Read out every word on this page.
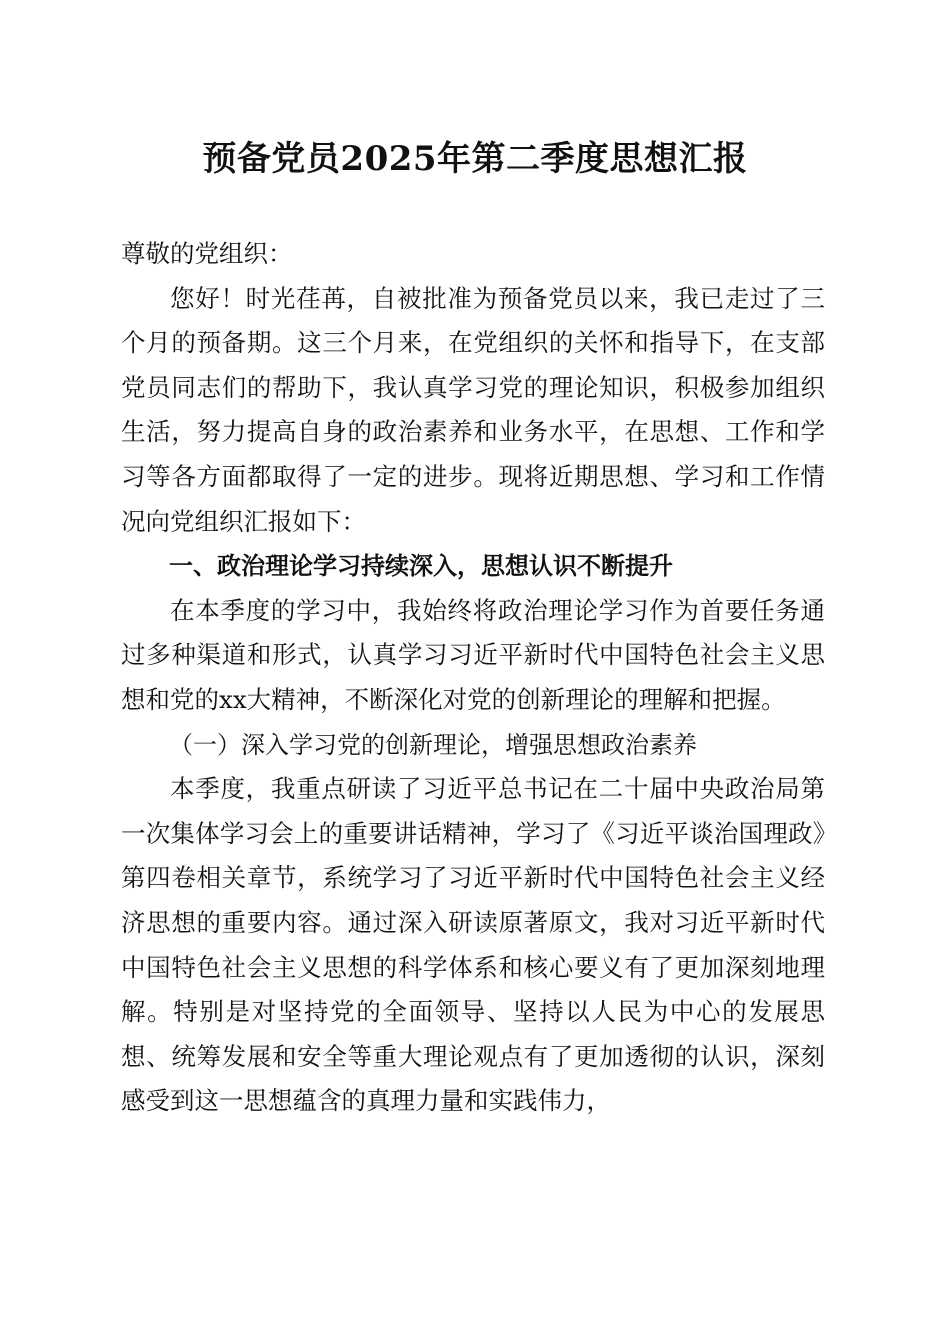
预备党员2025年第二季度思想汇报

尊敬的党组织：

您好！时光荏苒，自被批准为预备党员以来，我已走过了三个月的预备期。这三个月来，在党组织的关怀和指导下，在支部党员同志们的帮助下，我认真学习党的理论知识，积极参加组织生活，努力提高自身的政治素养和业务水平，在思想、工作和学习等各方面都取得了一定的进步。现将近期思想、学习和工作情况向党组织汇报如下：

一、政治理论学习持续深入，思想认识不断提升

在本季度的学习中，我始终将政治理论学习作为首要任务通过多种渠道和形式，认真学习习近平新时代中国特色社会主义思想和党的xx大精神，不断深化对党的创新理论的理解和把握。

（一）深入学习党的创新理论，增强思想政治素养

本季度，我重点研读了习近平总书记在二十届中央政治局第一次集体学习会上的重要讲话精神，学习了《习近平谈治国理政》第四卷相关章节，系统学习了习近平新时代中国特色社会主义经济思想的重要内容。通过深入研读原著原文，我对习近平新时代中国特色社会主义思想的科学体系和核心要义有了更加深刻地理解。特别是对坚持党的全面领导、坚持以人民为中心的发展思想、统筹发展和安全等重大理论观点有了更加透彻的认识，深刻感受到这一思想蕴含的真理力量和实践伟力，
